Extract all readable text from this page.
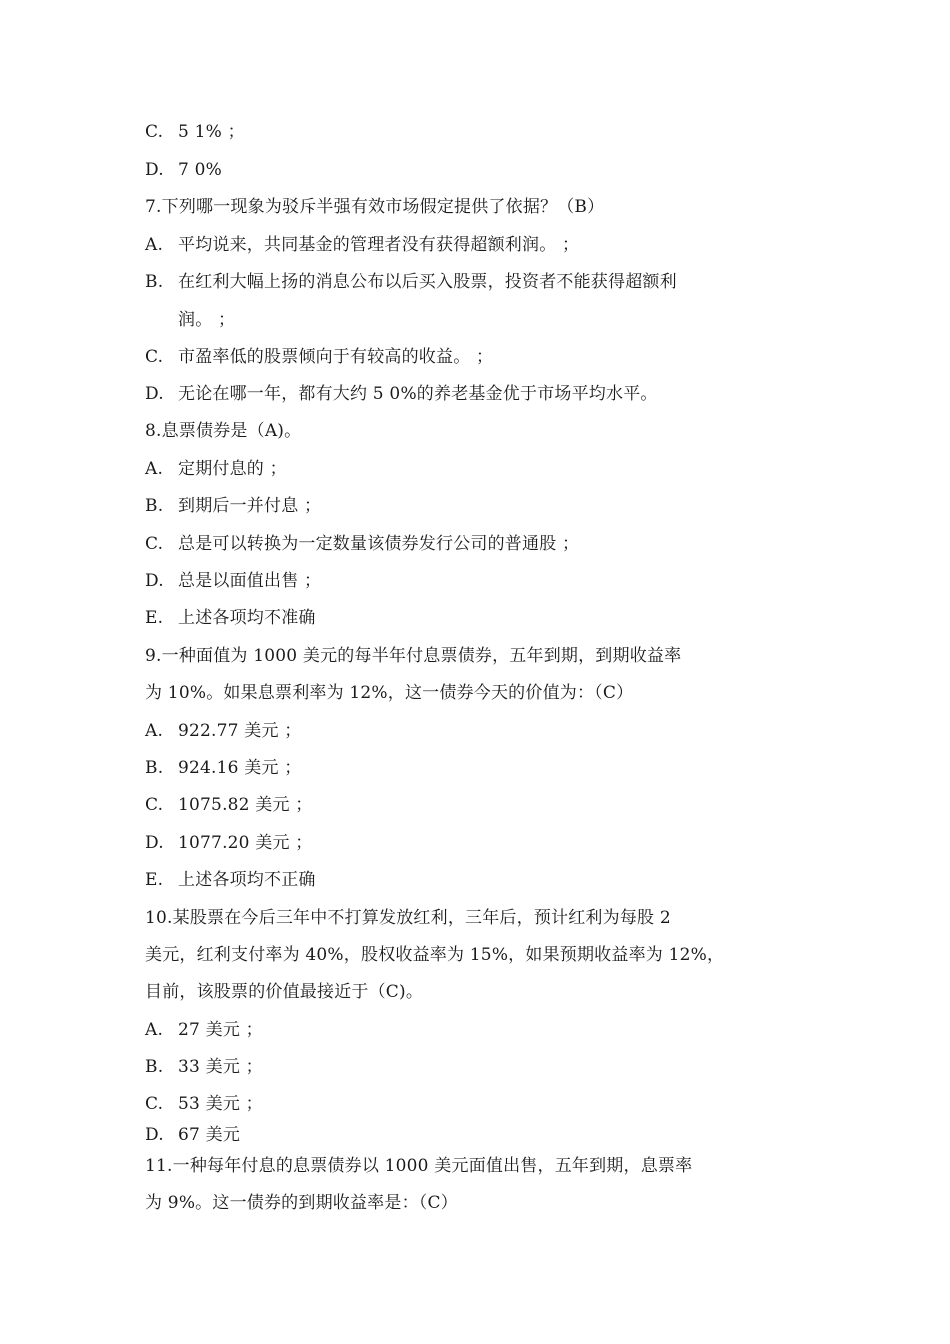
C. 5 1% ；
D. 7 0%
7.下列哪一现象为驳斥半强有效市场假定提供了依据？（B）
A. 平均说来，共同基金的管理者没有获得超额利润。 ；
B. 在红利大幅上扬的消息公布以后买入股票，投资者不能获得超额利
润。 ；
C. 市盈率低的股票倾向于有较高的收益。 ；
D. 无论在哪一年，都有大约 5 0%的养老基金优于市场平均水平。
8.息票债券是（A)。
A. 定期付息的 ；
B. 到期后一并付息 ；
C. 总是可以转换为一定数量该债券发行公司的普通股 ；
D. 总是以面值出售 ；
E. 上述各项均不准确
9.一种面值为 1000 美元的每半年付息票债券，五年到期，到期收益率
为 10%。如果息票利率为 12%，这一债券今天的价值为：（C）
A. 922.77 美元 ；
B. 924.16 美元 ；
C. 1075.82 美元 ；
D. 1077.20 美元 ；
E. 上述各项均不正确
10.某股票在今后三年中不打算发放红利，三年后，预计红利为每股 2
美元，红利支付率为 40%，股权收益率为 15%，如果预期收益率为 12%，
目前，该股票的价值最接近于（C)。
A. 27 美元 ；
B. 33 美元 ；
C. 53 美元 ；
D. 67 美元
11.一种每年付息的息票债券以 1000 美元面值出售，五年到期，息票率
为 9%。这一债券的到期收益率是：（C）
